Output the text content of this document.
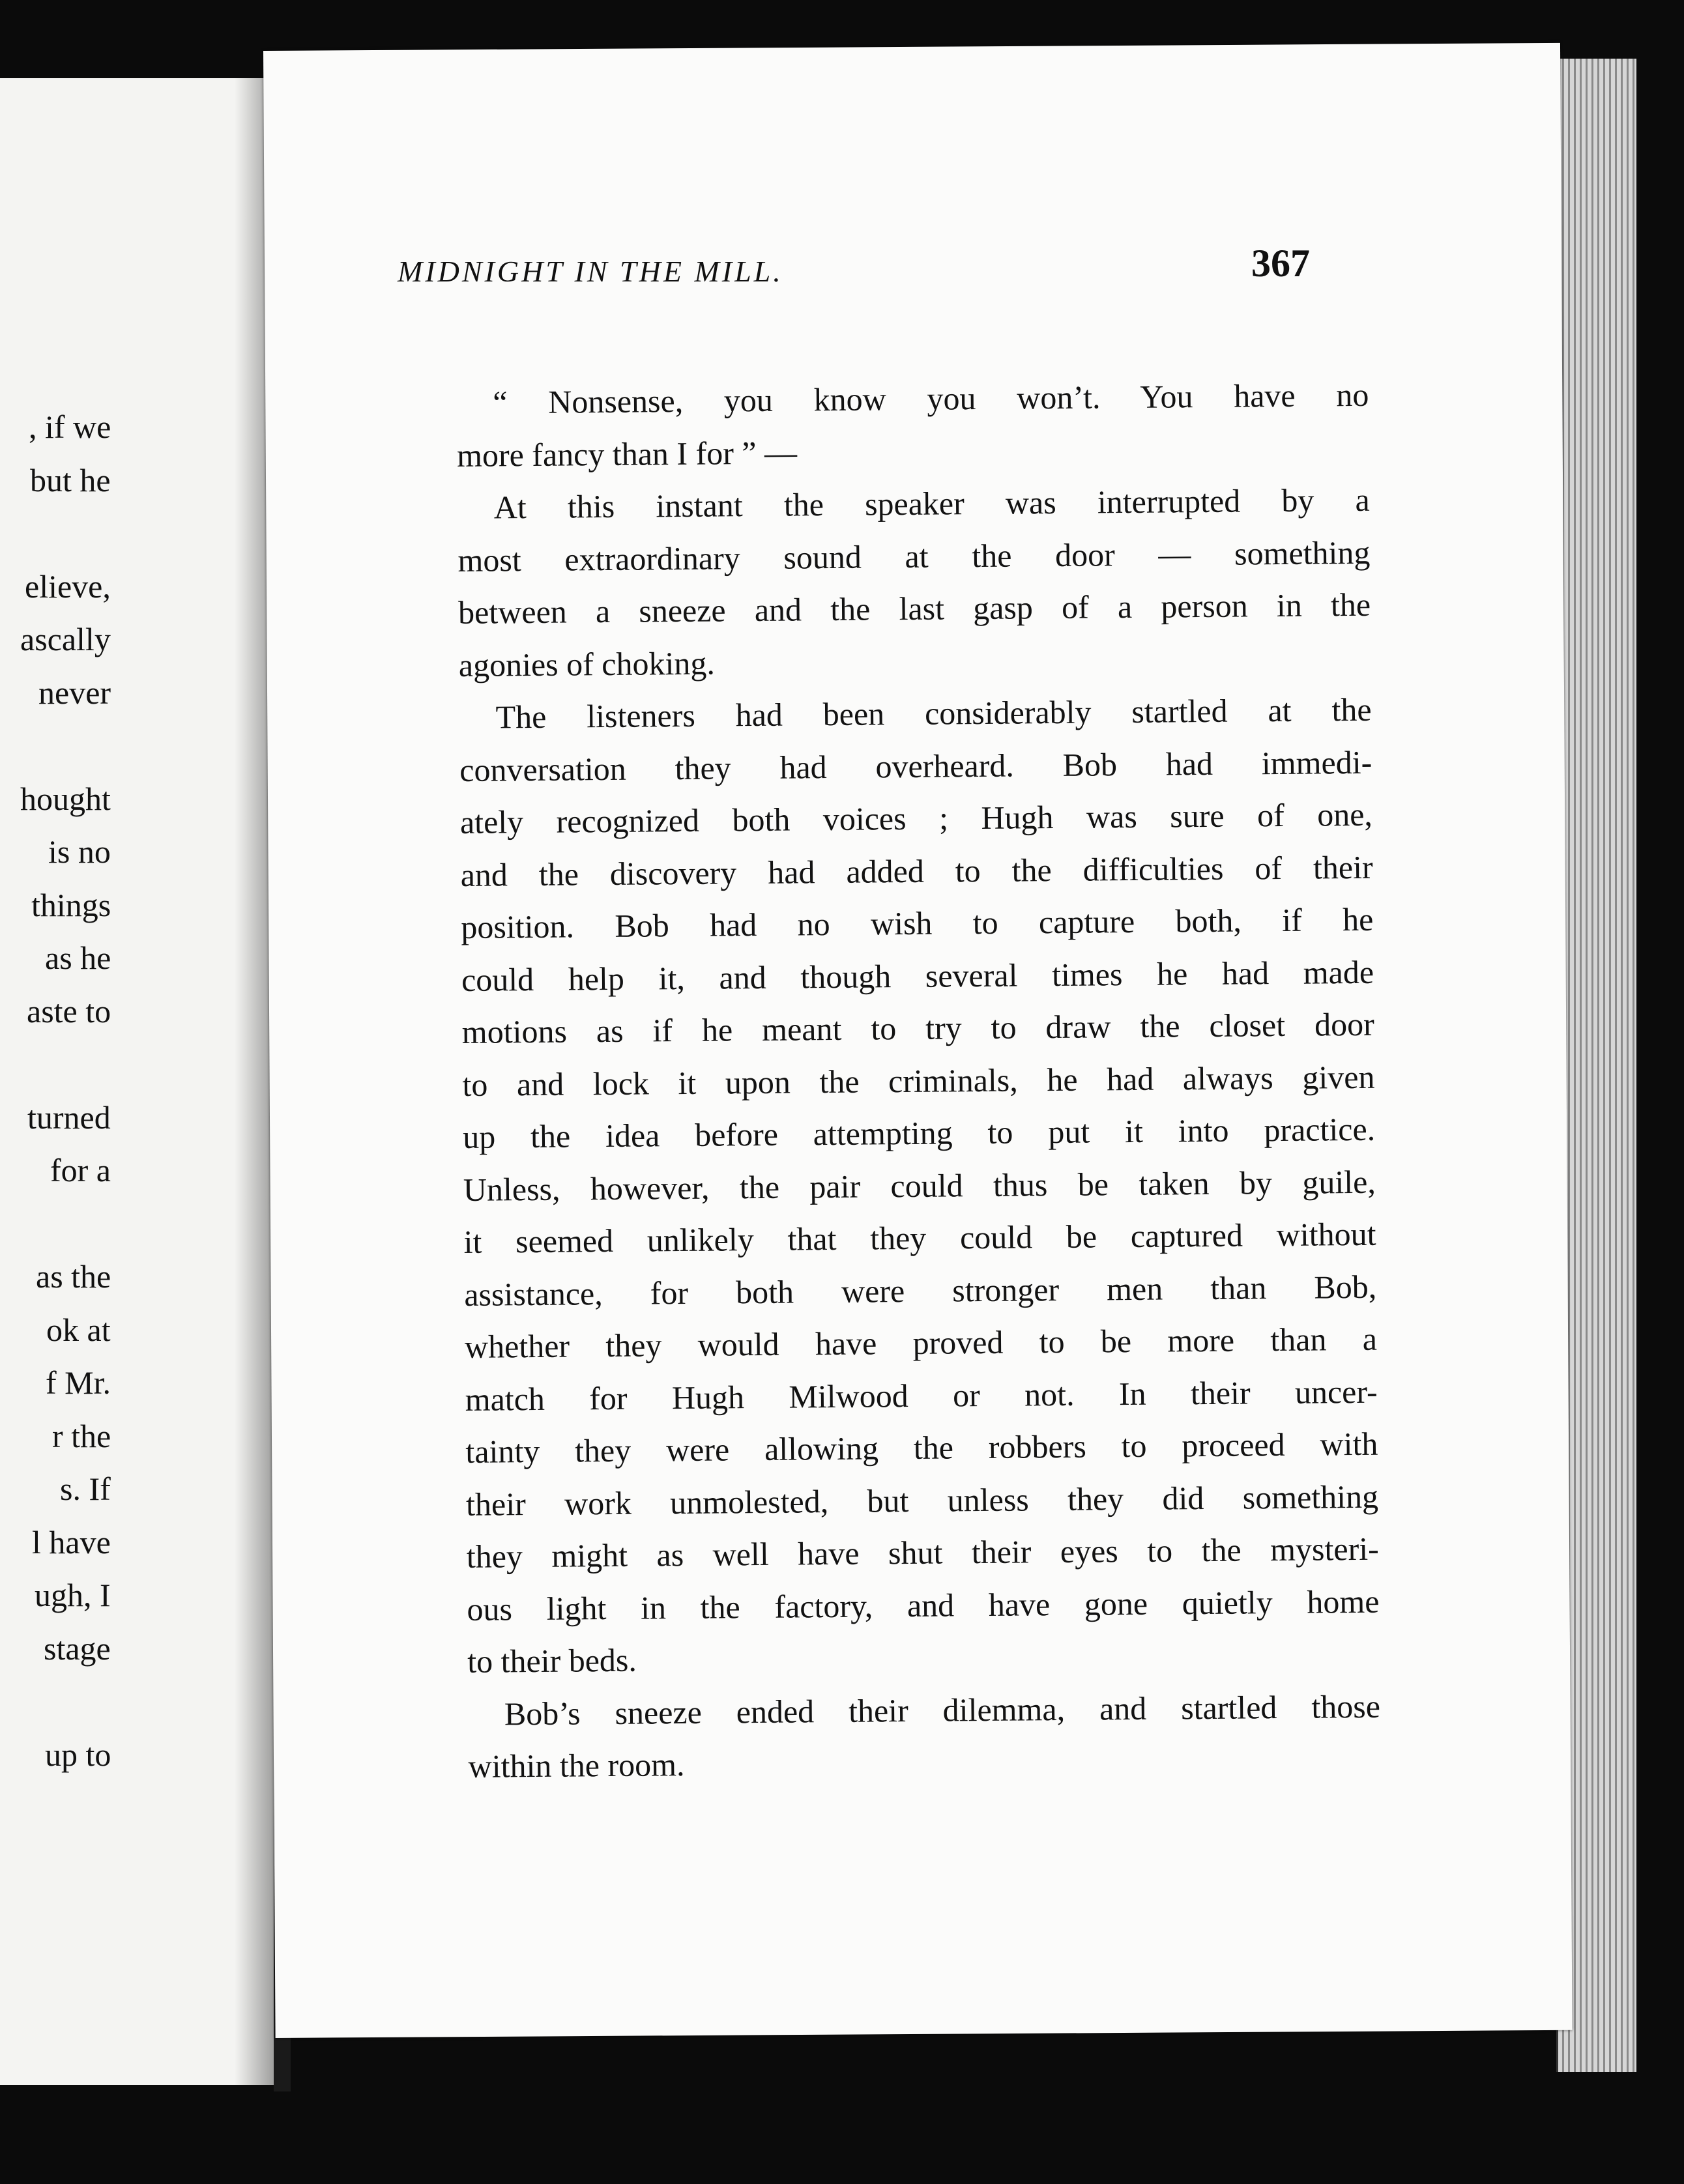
, if we
but he
elieve,
ascally
never
hought
is no
things
as he
aste to
turned
for a
as the
ok at
f Mr.
r the
s. If
l have
ugh, I
stage
up to
MIDNIGHT IN THE MILL.	367
“ Nonsense, you know you won’t. You have no
more fancy than I for ” —
At this instant the speaker was interrupted by a
most extraordinary sound at the door — something
between a sneeze and the last gasp of a person in the
agonies of choking.
The listeners had been considerably startled at the
conversation they had overheard. Bob had immedi-
ately recognized both voices ; Hugh was sure of one,
and the discovery had added to the difficulties of their
position. Bob had no wish to capture both, if he
could help it, and though several times he had made
motions as if he meant to try to draw the closet door
to and lock it upon the criminals, he had always given
up the idea before attempting to put it into practice.
Unless, however, the pair could thus be taken by guile,
it seemed unlikely that they could be captured without
assistance, for both were stronger men than Bob,
whether they would have proved to be more than a
match for Hugh Milwood or not. In their uncer-
tainty they were allowing the robbers to proceed with
their work unmolested, but unless they did something
they might as well have shut their eyes to the mysteri-
ous light in the factory, and have gone quietly home
to their beds.
Bob’s sneeze ended their dilemma, and startled those
within the room.
